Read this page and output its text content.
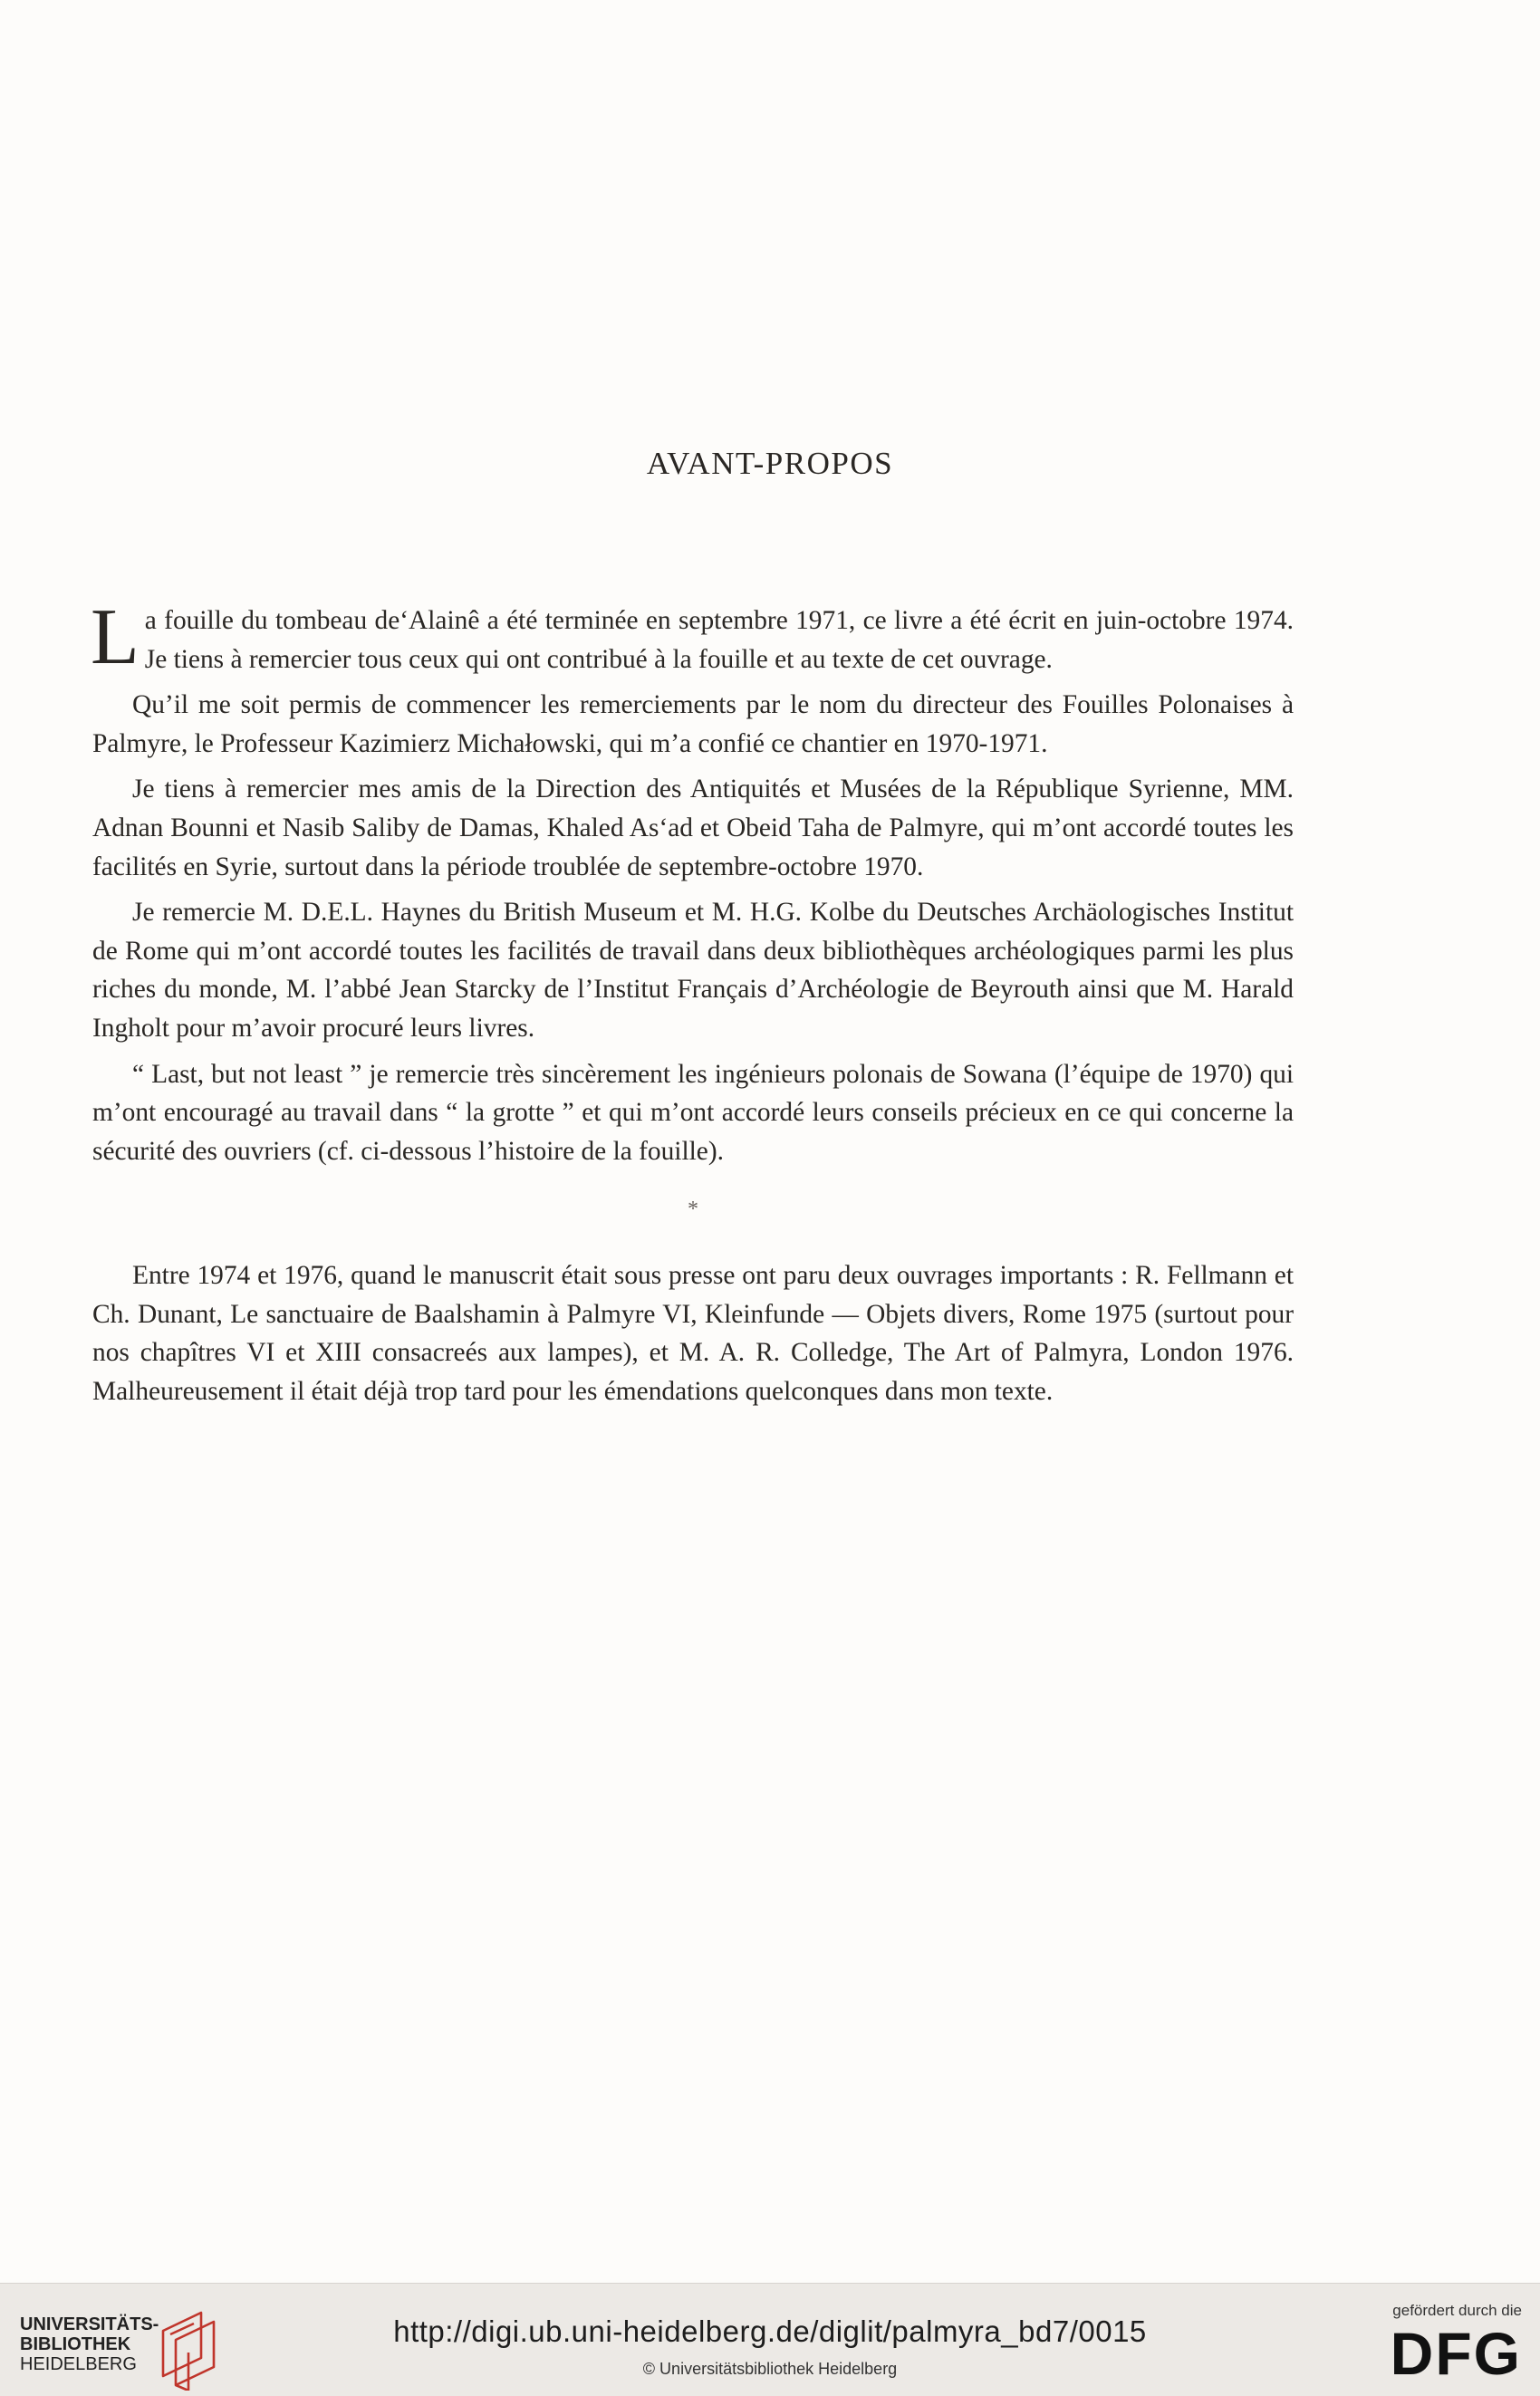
AVANT-PROPOS

La fouille du tombeau de‘Alainê a été terminée en septembre 1971, ce livre a été écrit en juin-octobre 1974. Je tiens à remercier tous ceux qui ont contribué à la fouille et au texte de cet ouvrage.

Qu’il me soit permis de commencer les remerciements par le nom du directeur des Fouilles Polonaises à Palmyre, le Professeur Kazimierz Michałowski, qui m’a confié ce chantier en 1970-1971.

Je tiens à remercier mes amis de la Direction des Antiquités et Musées de la République Syrienne, MM. Adnan Bounni et Nasib Saliby de Damas, Khaled As‘ad et Obeid Taha de Palmyre, qui m’ont accordé toutes les facilités en Syrie, surtout dans la période troublée de septembre-octobre 1970.

Je remercie M. D.E.L. Haynes du British Museum et M. H.G. Kolbe du Deutsches Archäologisches Institut de Rome qui m’ont accordé toutes les facilités de travail dans deux bibliothèques archéologiques parmi les plus riches du monde, M. l’abbé Jean Starcky de l’Institut Français d’Archéologie de Beyrouth ainsi que M. Harald Ingholt pour m’avoir procuré leurs livres.

“ Last, but not least ” je remercie très sincèrement les ingénieurs polonais de Sowana (l’équipe de 1970) qui m’ont encouragé au travail dans “ la grotte ” et qui m’ont accordé leurs conseils précieux en ce qui concerne la sécurité des ouvriers (cf. ci-dessous l’histoire de la fouille).

*

Entre 1974 et 1976, quand le manuscrit était sous presse ont paru deux ouvrages importants : R. Fellmann et Ch. Dunant, Le sanctuaire de Baalshamin à Palmyre VI, Kleinfunde — Objets divers, Rome 1975 (surtout pour nos chapîtres VI et XIII consacreés aux lampes), et M. A. R. Colledge, The Art of Palmyra, London 1976. Malheureusement il était déjà trop tard pour les émendations quelconques dans mon texte.

UNIVERSITÄTS-
BIBLIOTHEK
HEIDELBERG
http://digi.ub.uni-heidelberg.de/diglit/palmyra_bd7/0015
© Universitätsbibliothek Heidelberg
gefördert durch die
DFG
